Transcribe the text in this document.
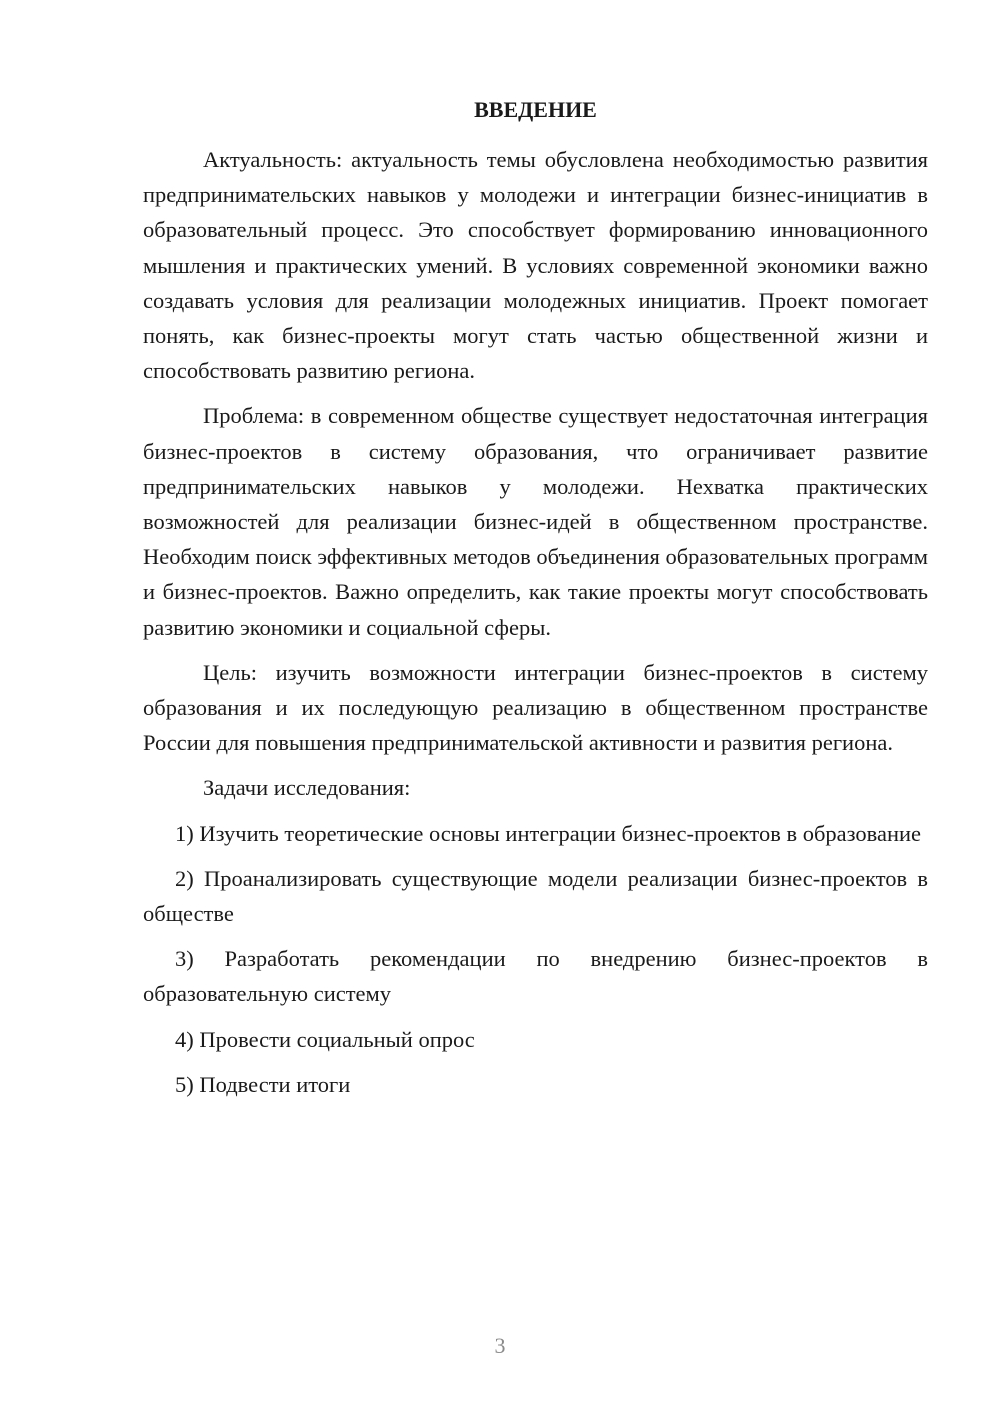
ВВЕДЕНИЕ

Актуальность: актуальность темы обусловлена необходимостью развития предпринимательских навыков у молодежи и интеграции бизнес-инициатив в образовательный процесс. Это способствует формированию инновационного мышления и практических умений. В условиях современной экономики важно создавать условия для реализации молодежных инициатив. Проект помогает понять, как бизнес-проекты могут стать частью общественной жизни и способствовать развитию региона.

Проблема: в современном обществе существует недостаточная интеграция бизнес-проектов в систему образования, что ограничивает развитие предпринимательских навыков у молодежи. Нехватка практических возможностей для реализации бизнес-идей в общественном пространстве. Необходим поиск эффективных методов объединения образовательных программ и бизнес-проектов. Важно определить, как такие проекты могут способствовать развитию экономики и социальной сферы.

Цель: изучить возможности интеграции бизнес-проектов в систему образования и их последующую реализацию в общественном пространстве России для повышения предпринимательской активности и развития региона.

Задачи исследования:

1) Изучить теоретические основы интеграции бизнес-проектов в образование

2) Проанализировать существующие модели реализации бизнес-проектов в обществе

3) Разработать рекомендации по внедрению бизнес-проектов в образовательную систему

4) Провести социальный опрос

5) Подвести итоги

3
